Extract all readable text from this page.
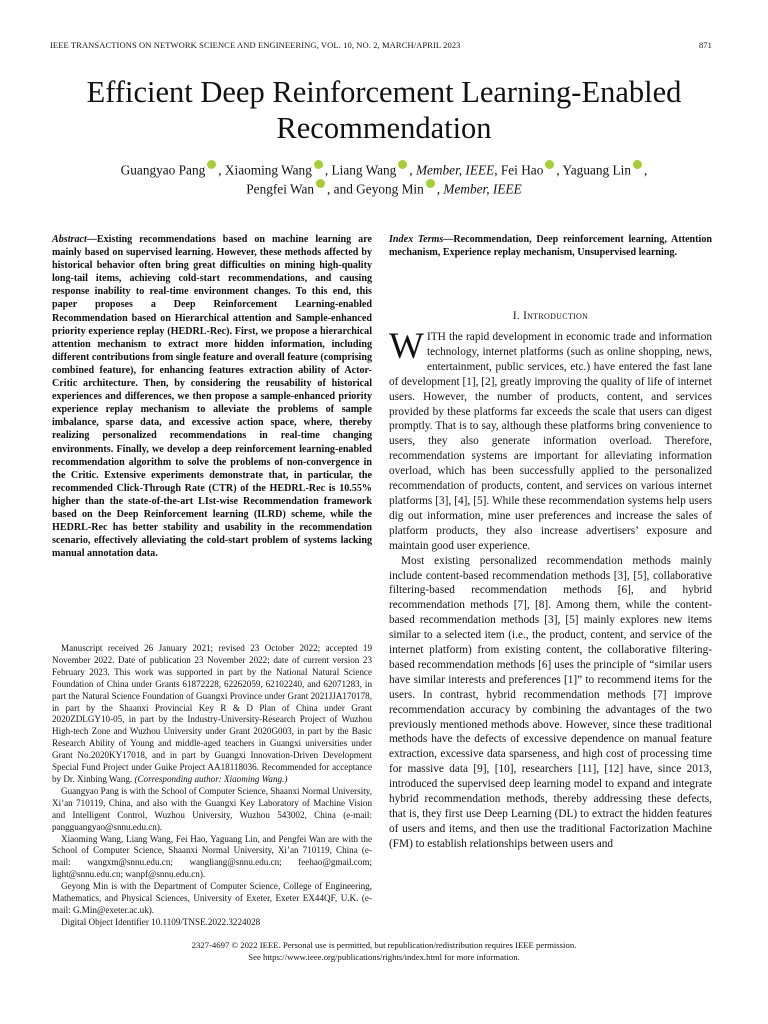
IEEE TRANSACTIONS ON NETWORK SCIENCE AND ENGINEERING, VOL. 10, NO. 2, MARCH/APRIL 2023	871
Efficient Deep Reinforcement Learning-Enabled Recommendation
Guangyao Pang , Xiaoming Wang , Liang Wang , Member, IEEE, Fei Hao , Yaguang Lin ,
Pengfei Wan , and Geyong Min , Member, IEEE
Abstract—Existing recommendations based on machine learning are mainly based on supervised learning. However, these methods affected by historical behavior often bring great difficulties on mining high-quality long-tail items, achieving cold-start recommendations, and causing response inability to real-time environment changes. To this end, this paper proposes a Deep Reinforcement Learning-enabled Recommendation based on Hierarchical attention and Sample-enhanced priority experience replay (HEDRL-Rec). First, we propose a hierarchical attention mechanism to extract more hidden information, including different contributions from single feature and overall feature (comprising combined feature), for enhancing features extraction ability of Actor-Critic architecture. Then, by considering the reusability of historical experiences and differences, we then propose a sample-enhanced priority experience replay mechanism to alleviate the problems of sample imbalance, sparse data, and excessive action space, where, thereby realizing personalized recommendations in real-time changing environments. Finally, we develop a deep reinforcement learning-enabled recommendation algorithm to solve the problems of non-convergence in the Critic. Extensive experiments demonstrate that, in particular, the recommended Click-Through Rate (CTR) of the HEDRL-Rec is 10.55% higher than the state-of-the-art LIst-wise Recommendation framework based on the Deep Reinforcement learning (ILRD) scheme, while the HEDRL-Rec has better stability and usability in the recommendation scenario, effectively alleviating the cold-start problem of systems lacking manual annotation data.

Manuscript received 26 January 2021; revised 23 October 2022; accepted 19 November 2022. Date of publication 23 November 2022; date of current version 23 February 2023. This work was supported in part by the National Natural Science Foundation of China under Grants 61872228, 62262059, 62102240, and 62071283, in part the Natural Science Foundation of Guangxi Province under Grant 2021JJA170178, in part by the Shaanxi Provincial Key R & D Plan of China under Grant 2020ZDLGY10-05, in part by the Industry-University-Research Project of Wuzhou High-tech Zone and Wuzhou University under Grant 2020G003, in part by the Basic Research Ability of Young and middle-aged teachers in Guangxi universities under Grant No.2020KY17018, and in part by Guangxi Innovation-Driven Development Special Fund Project under Guike Project AA18118036. Recommended for acceptance by Dr. Xinbing Wang. (Corresponding author: Xiaoming Wang.)

Guangyao Pang is with the School of Computer Science, Shaanxi Normal University, Xi’an 710119, China, and also with the Guangxi Key Laboratory of Machine Vision and Intelligent Control, Wuzhou University, Wuzhou 543002, China (e-mail: pangguangyao@snnu.edu.cn).

Xiaoming Wang, Liang Wang, Fei Hao, Yaguang Lin, and Pengfei Wan are with the School of Computer Science, Shaanxi Normal University, Xi’an 710119, China (e-mail: wangxm@snnu.edu.cn; wangliang@snnu.edu.cn; feehao@gmail.com; light@snnu.edu.cn; wanpf@snnu.edu.cn).

Geyong Min is with the Department of Computer Science, College of Engineering, Mathematics, and Physical Sciences, University of Exeter, Exeter EX44QF, U.K. (e-mail: G.Min@exeter.ac.uk).

Digital Object Identifier 10.1109/TNSE.2022.3224028

Index Terms—Recommendation, Deep reinforcement learning, Attention mechanism, Experience replay mechanism, Unsupervised learning.
I. Introduction

WITH the rapid development in economic trade and information technology, internet platforms (such as online shopping, news, entertainment, public services, etc.) have entered the fast lane of development [1], [2], greatly improving the quality of life of internet users. However, the number of products, content, and services provided by these platforms far exceeds the scale that users can digest promptly. That is to say, although these platforms bring convenience to users, they also generate information overload. Therefore, recommendation systems are important for alleviating information overload, which has been successfully applied to the personalized recommendation of products, content, and services on various internet platforms [3], [4], [5]. While these recommendation systems help users dig out information, mine user preferences and increase the sales of platform products, they also increase advertisers’ exposure and maintain good user experience.

Most existing personalized recommendation methods mainly include content-based recommendation methods [3], [5], collaborative filtering-based recommendation methods [6], and hybrid recommendation methods [7], [8]. Among them, while the content-based recommendation methods [3], [5] mainly explores new items similar to a selected item (i.e., the product, content, and service of the internet platform) from existing content, the collaborative filtering-based recommendation methods [6] uses the principle of “similar users have similar interests and preferences [1]” to recommend items for the users. In contrast, hybrid recommendation methods [7] improve recommendation accuracy by combining the advantages of the two previously mentioned methods above. However, since these traditional methods have the defects of excessive dependence on manual feature extraction, excessive data sparseness, and high cost of processing time for massive data [9], [10], researchers [11], [12] have, since 2013, introduced the supervised deep learning model to expand and integrate hybrid recommendation methods, thereby addressing these defects, that is, they first use Deep Learning (DL) to extract the hidden features of users and items, and then use the traditional Factorization Machine (FM) to establish relationships between users and

2327-4697 © 2022 IEEE. Personal use is permitted, but republication/redistribution requires IEEE permission.
See https://www.ieee.org/publications/rights/index.html for more information.
